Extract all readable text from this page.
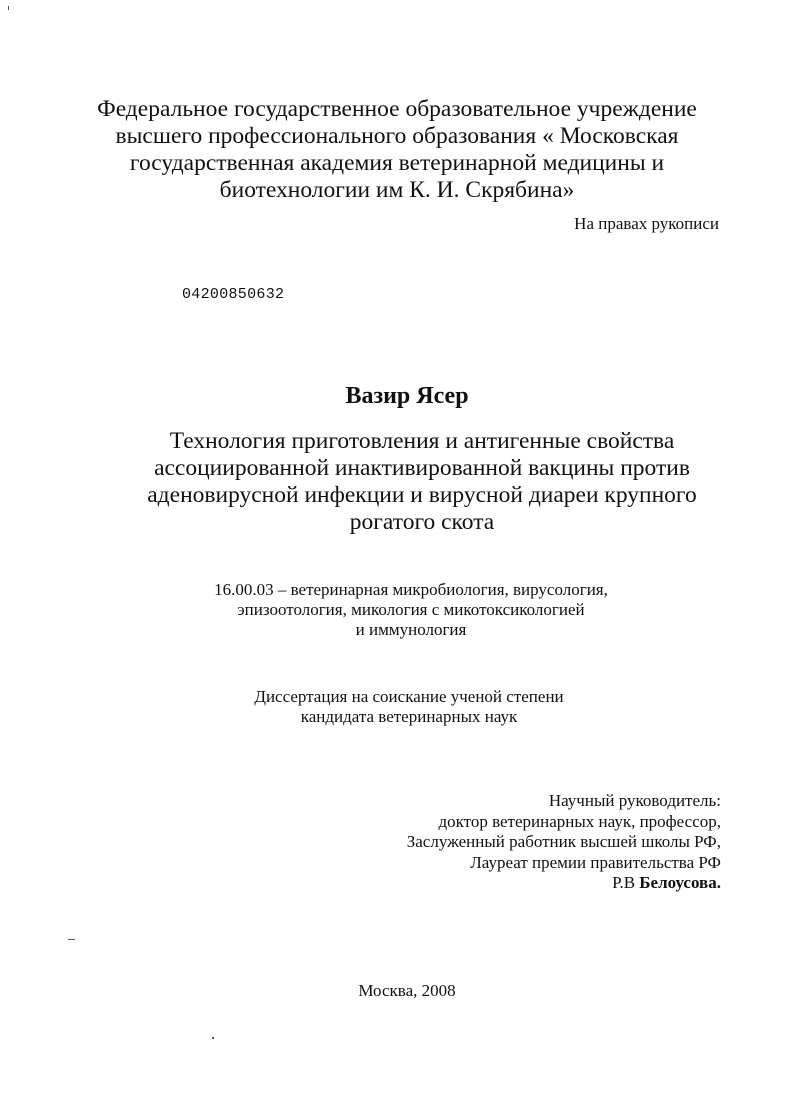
Федеральное государственное образовательное учреждение
высшего профессионального образования « Московская
государственная академия ветеринарной медицины и
биотехнологии им К. И. Скрябина»
На правах рукописи
04200850632
Вазир Ясер
Технология приготовления и антигенные свойства
ассоциированной инактивированной вакцины против
аденовирусной инфекции и вирусной диареи крупного
рогатого скота
16.00.03 – ветеринарная микробиология, вирусология,
эпизоотология, микология с микотоксикологией
и иммунология
Диссертация на соискание ученой степени
кандидата ветеринарных наук
Научный руководитель:
доктор ветеринарных наук, профессор,
Заслуженный работник высшей школы РФ,
Лауреат премии правительства РФ
Р.В Белоусова.
Москва, 2008
